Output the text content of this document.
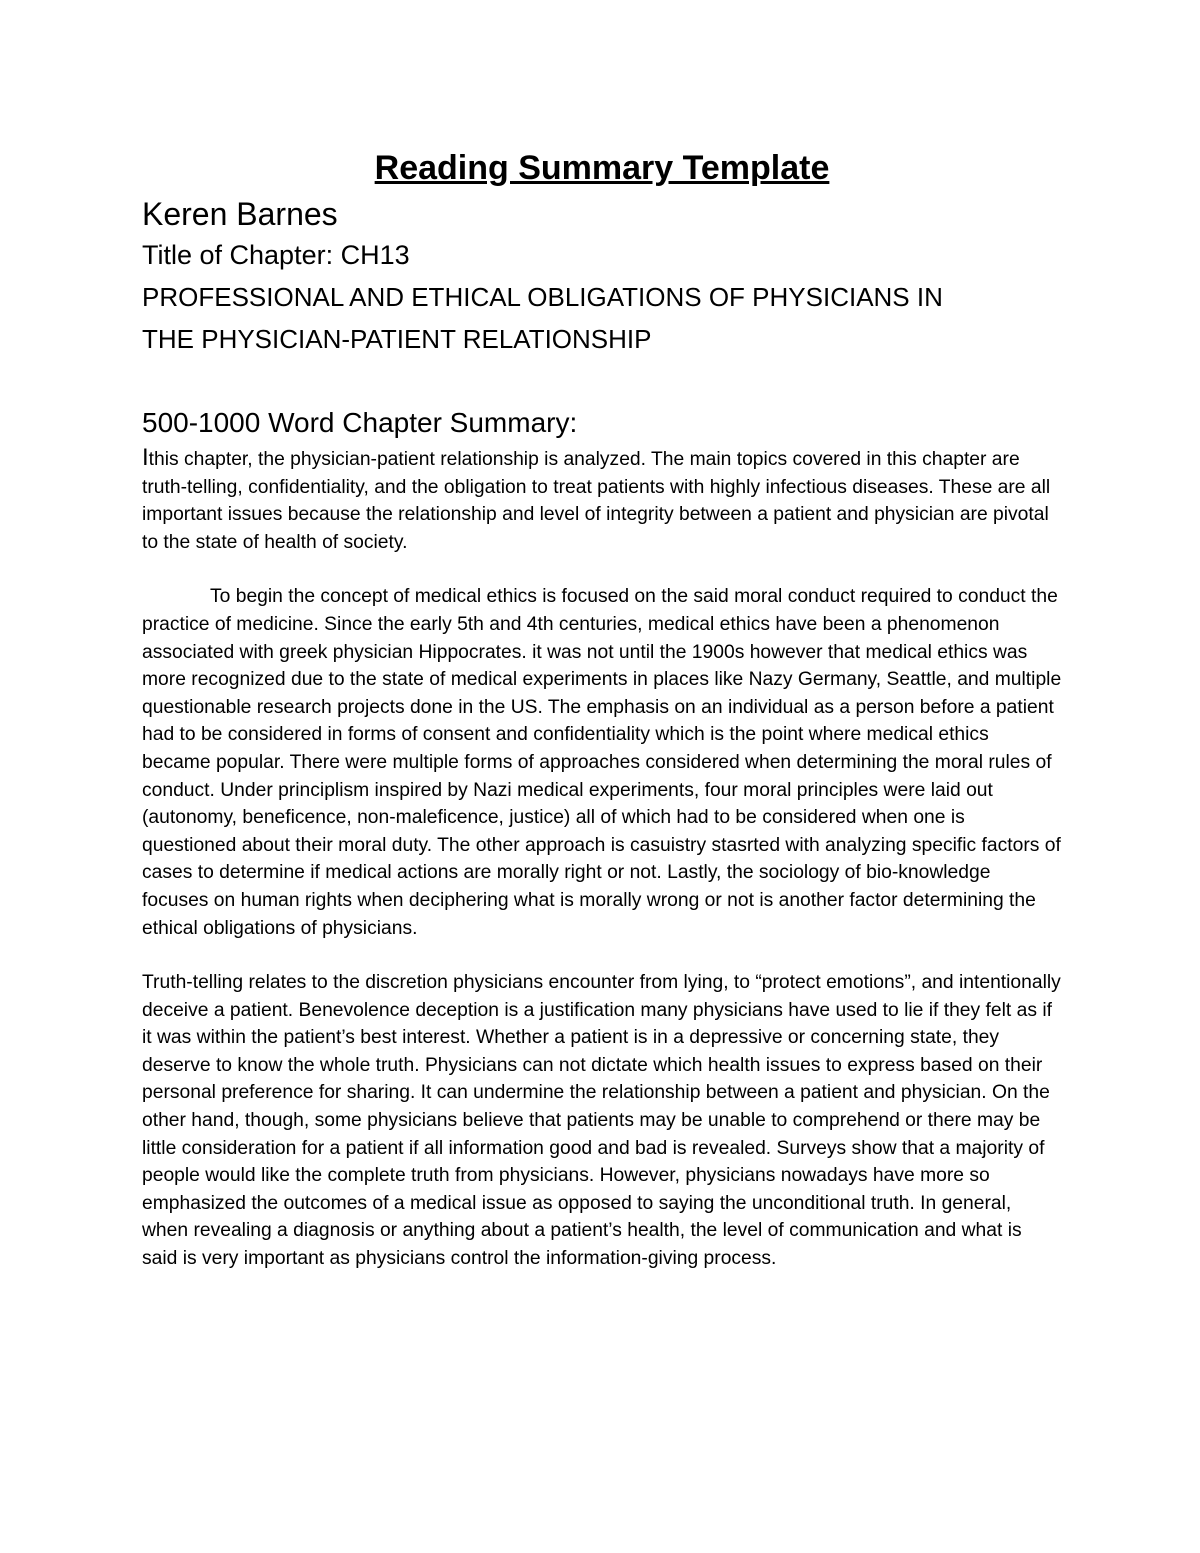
Reading Summary Template

Keren Barnes

Title of Chapter: CH13

PROFESSIONAL AND ETHICAL OBLIGATIONS OF PHYSICIANS IN

THE PHYSICIAN-PATIENT RELATIONSHIP

500-1000 Word Chapter Summary:

Ithis chapter, the physician-patient relationship is analyzed. The main topics covered in this chapter are truth-telling, confidentiality, and the obligation to treat patients with highly infectious diseases. These are all important issues because the relationship and level of integrity between a patient and physician are pivotal to the state of health of society.

To begin the concept of medical ethics is focused on the said moral conduct required to conduct the practice of medicine. Since the early 5th and 4th centuries, medical ethics have been a phenomenon associated with greek physician Hippocrates. it was not until the 1900s however that medical ethics was more recognized due to the state of medical experiments in places like Nazy Germany, Seattle, and multiple questionable research projects done in the US. The emphasis on an individual as a person before a patient had to be considered in forms of consent and confidentiality which is the point where medical ethics became popular. There were multiple forms of approaches considered when determining the moral rules of conduct. Under principlism inspired by Nazi medical experiments, four moral principles were laid out (autonomy, beneficence, non-maleficence, justice) all of which had to be considered when one is questioned about their moral duty. The other approach is casuistry stasrted with analyzing specific factors of cases to determine if medical actions are morally right or not. Lastly, the sociology of bio-knowledge focuses on human rights when deciphering what is morally wrong or not is another factor determining the ethical obligations of physicians.

Truth-telling relates to the discretion physicians encounter from lying, to “protect emotions”, and intentionally deceive a patient. Benevolence deception is a justification many physicians have used to lie if they felt as if it was within the patient’s best interest. Whether a patient is in a depressive or concerning state, they deserve to know the whole truth. Physicians can not dictate which health issues to express based on their personal preference for sharing. It can undermine the relationship between a patient and physician. On the other hand, though, some physicians believe that patients may be unable to comprehend or there may be little consideration for a patient if all information good and bad is revealed. Surveys show that a majority of people would like the complete truth from physicians. However, physicians nowadays have more so emphasized the outcomes of a medical issue as opposed to saying the unconditional truth. In general, when revealing a diagnosis or anything about a patient’s health, the level of communication and what is said is very important as physicians control the information-giving process.
